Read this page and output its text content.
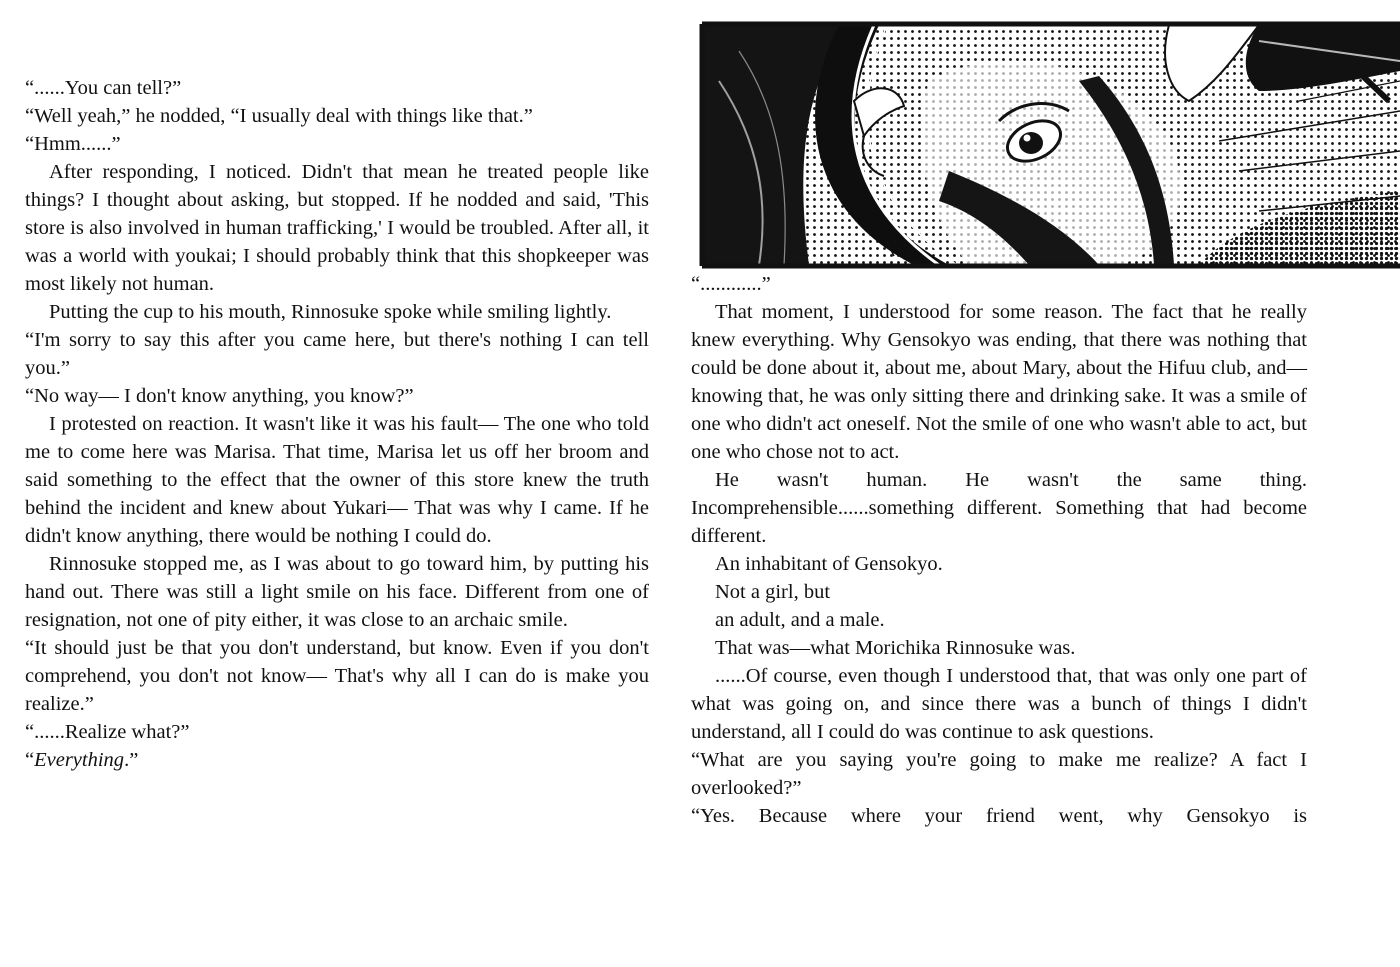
“......You can tell?”

“Well yeah,” he nodded, “I usually deal with things like that.”

“Hmm......”

After responding, I noticed. Didn't that mean he treated people like things? I thought about asking, but stopped. If he nodded and said, 'This store is also involved in human trafficking,' I would be troubled. After all, it was a world with youkai; I should probably think that this shopkeeper was most likely not human.

Putting the cup to his mouth, Rinnosuke spoke while smiling lightly.

“I'm sorry to say this after you came here, but there's nothing I can tell you.”

“No way— I don't know anything, you know?”

I protested on reaction. It wasn't like it was his fault— The one who told me to come here was Marisa. That time, Marisa let us off her broom and said something to the effect that the owner of this store knew the truth behind the incident and knew about Yukari— That was why I came. If he didn't know anything, there would be nothing I could do.

Rinnosuke stopped me, as I was about to go toward him, by putting his hand out. There was still a light smile on his face. Different from one of resignation, not one of pity either, it was close to an archaic smile.

“It should just be that you don't understand, but know. Even if you don't comprehend, you don't not know— That's why all I can do is make you realize.”

“......Realize what?”

“Everything.”

“............”

That moment, I understood for some reason. The fact that he really knew everything. Why Gensokyo was ending, that there was nothing that could be done about it, about me, about Mary, about the Hifuu club, and—knowing that, he was only sitting there and drinking sake. It was a smile of one who didn't act oneself. Not the smile of one who wasn't able to act, but one who chose not to act.

He wasn't human. He wasn't the same thing. Incomprehensible......something different. Something that had become different.

An inhabitant of Gensokyo.

Not a girl, but

an adult, and a male.

That was—what Morichika Rinnosuke was.

......Of course, even though I understood that, that was only one part of what was going on, and since there was a bunch of things I didn't understand, all I could do was continue to ask questions.

“What are you saying you're going to make me realize? A fact I overlooked?”

“Yes. Because where your friend went, why Gensokyo is
